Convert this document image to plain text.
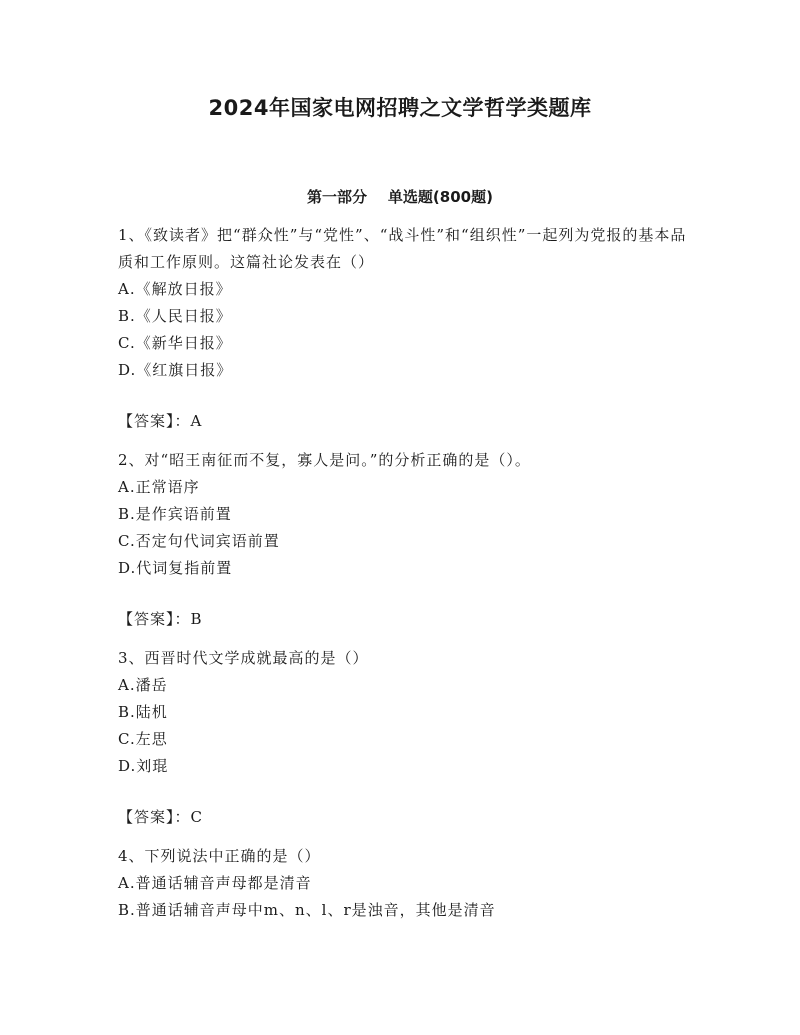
2024年国家电网招聘之文学哲学类题库
第一部分    单选题(800题)

1、《致读者》把“群众性”与“党性”、“战斗性”和“组织性”一起列为党报的基本品质和工作原则。这篇社论发表在（）

A.《解放日报》

B.《人民日报》

C.《新华日报》

D.《红旗日报》

【答案】：A

2、对“昭王南征而不复，寡人是问。”的分析正确的是（）。

A.正常语序

B.是作宾语前置

C.否定句代词宾语前置

D.代词复指前置

【答案】：B

3、西晋时代文学成就最高的是（）

A.潘岳

B.陆机

C.左思

D.刘琨

【答案】：C

4、下列说法中正确的是（）

A.普通话辅音声母都是清音

B.普通话辅音声母中m、n、l、r是浊音，其他是清音
